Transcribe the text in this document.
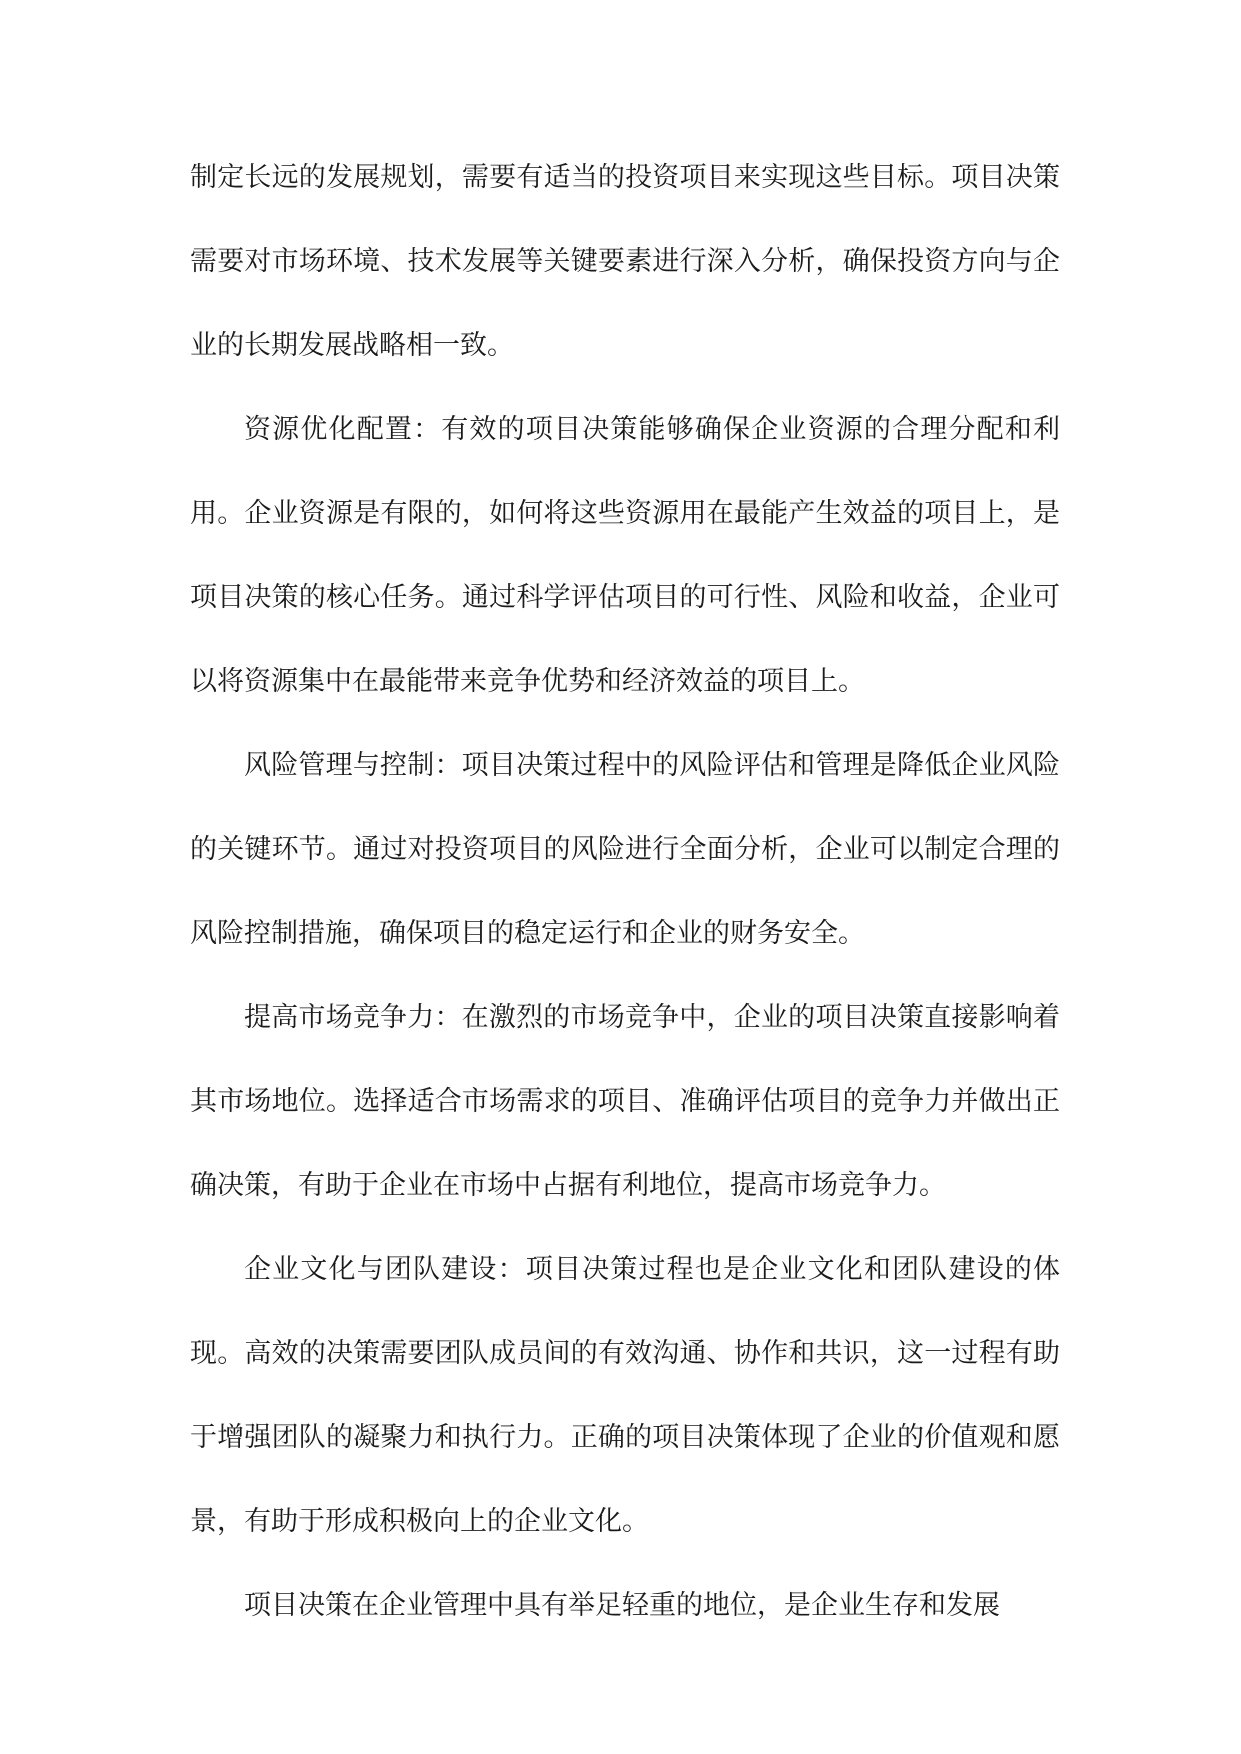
制定长远的发展规划，需要有适当的投资项目来实现这些目标。项目决策需要对市场环境、技术发展等关键要素进行深入分析，确保投资方向与企业的长期发展战略相一致。

资源优化配置：有效的项目决策能够确保企业资源的合理分配和利用。企业资源是有限的，如何将这些资源用在最能产生效益的项目上，是项目决策的核心任务。通过科学评估项目的可行性、风险和收益，企业可以将资源集中在最能带来竞争优势和经济效益的项目上。

风险管理与控制：项目决策过程中的风险评估和管理是降低企业风险的关键环节。通过对投资项目的风险进行全面分析，企业可以制定合理的风险控制措施，确保项目的稳定运行和企业的财务安全。

提高市场竞争力：在激烈的市场竞争中，企业的项目决策直接影响着其市场地位。选择适合市场需求的项目、准确评估项目的竞争力并做出正确决策，有助于企业在市场中占据有利地位，提高市场竞争力。

企业文化与团队建设：项目决策过程也是企业文化和团队建设的体现。高效的决策需要团队成员间的有效沟通、协作和共识，这一过程有助于增强团队的凝聚力和执行力。正确的项目决策体现了企业的价值观和愿景，有助于形成积极向上的企业文化。

项目决策在企业管理中具有举足轻重的地位，是企业生存和发展
